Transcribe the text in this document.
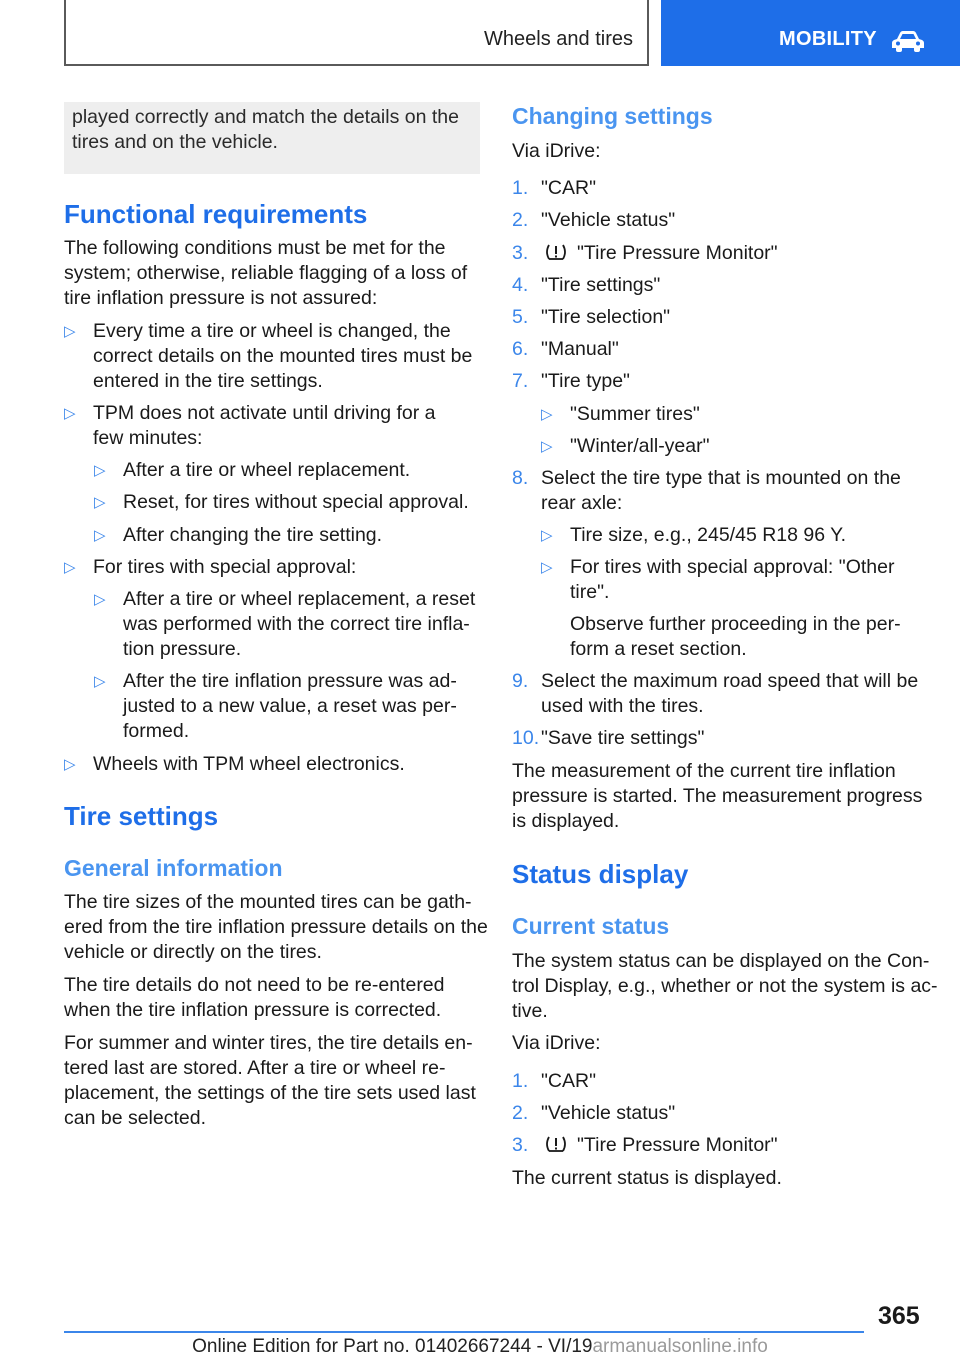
Wheels and tires	MOBILITY

played correctly and match the details on the

tires and on the vehicle.

Functional requirements
The following conditions must be met for the
system; otherwise, reliable flagging of a loss of
tire inflation pressure is not assured:
▷ Every time a tire or wheel is changed, the
correct details on the mounted tires must be
entered in the tire settings.
▷ TPM does not activate until driving for a
few minutes:
▷ After a tire or wheel replacement.
▷ Reset, for tires without special approval.
▷ After changing the tire setting.
▷ For tires with special approval:
▷ After a tire or wheel replacement, a reset
was performed with the correct tire infla‐
tion pressure.
▷ After the tire inflation pressure was ad‐
justed to a new value, a reset was per‐
formed.
▷ Wheels with TPM wheel electronics.
Tire settings
General information
The tire sizes of the mounted tires can be gath‐
ered from the tire inflation pressure details on the
vehicle or directly on the tires.
The tire details do not need to be re-entered
when the tire inflation pressure is corrected.
For summer and winter tires, the tire details en‐
tered last are stored. After a tire or wheel re‐
placement, the settings of the tire sets used last
can be selected.
Changing settings
Via iDrive:
1. "CAR"
2. "Vehicle status"
3.	"Tire Pressure Monitor"
4. "Tire settings"
5. "Tire selection"
6. "Manual"
7. "Tire type"
▷ "Summer tires"
▷ "Winter/all-year"
8. Select the tire type that is mounted on the
rear axle:
▷ Tire size, e.g., 245/45 R18 96 Y.
▷ For tires with special approval: "Other
tire".
Observe further proceeding in the per‐
form a reset section.
9. Select the maximum road speed that will be
used with the tires.
10. "Save tire settings"
The measurement of the current tire inflation
pressure is started. The measurement progress
is displayed.
Status display
Current status
The system status can be displayed on the Con‐
trol Display, e.g., whether or not the system is ac‐
tive.
Via iDrive:
1. "CAR"
2. "Vehicle status"
3.	"Tire Pressure Monitor"
The current status is displayed.
365
Online Edition for Part no. 01402667244 - VI/19armanualsonline.info
